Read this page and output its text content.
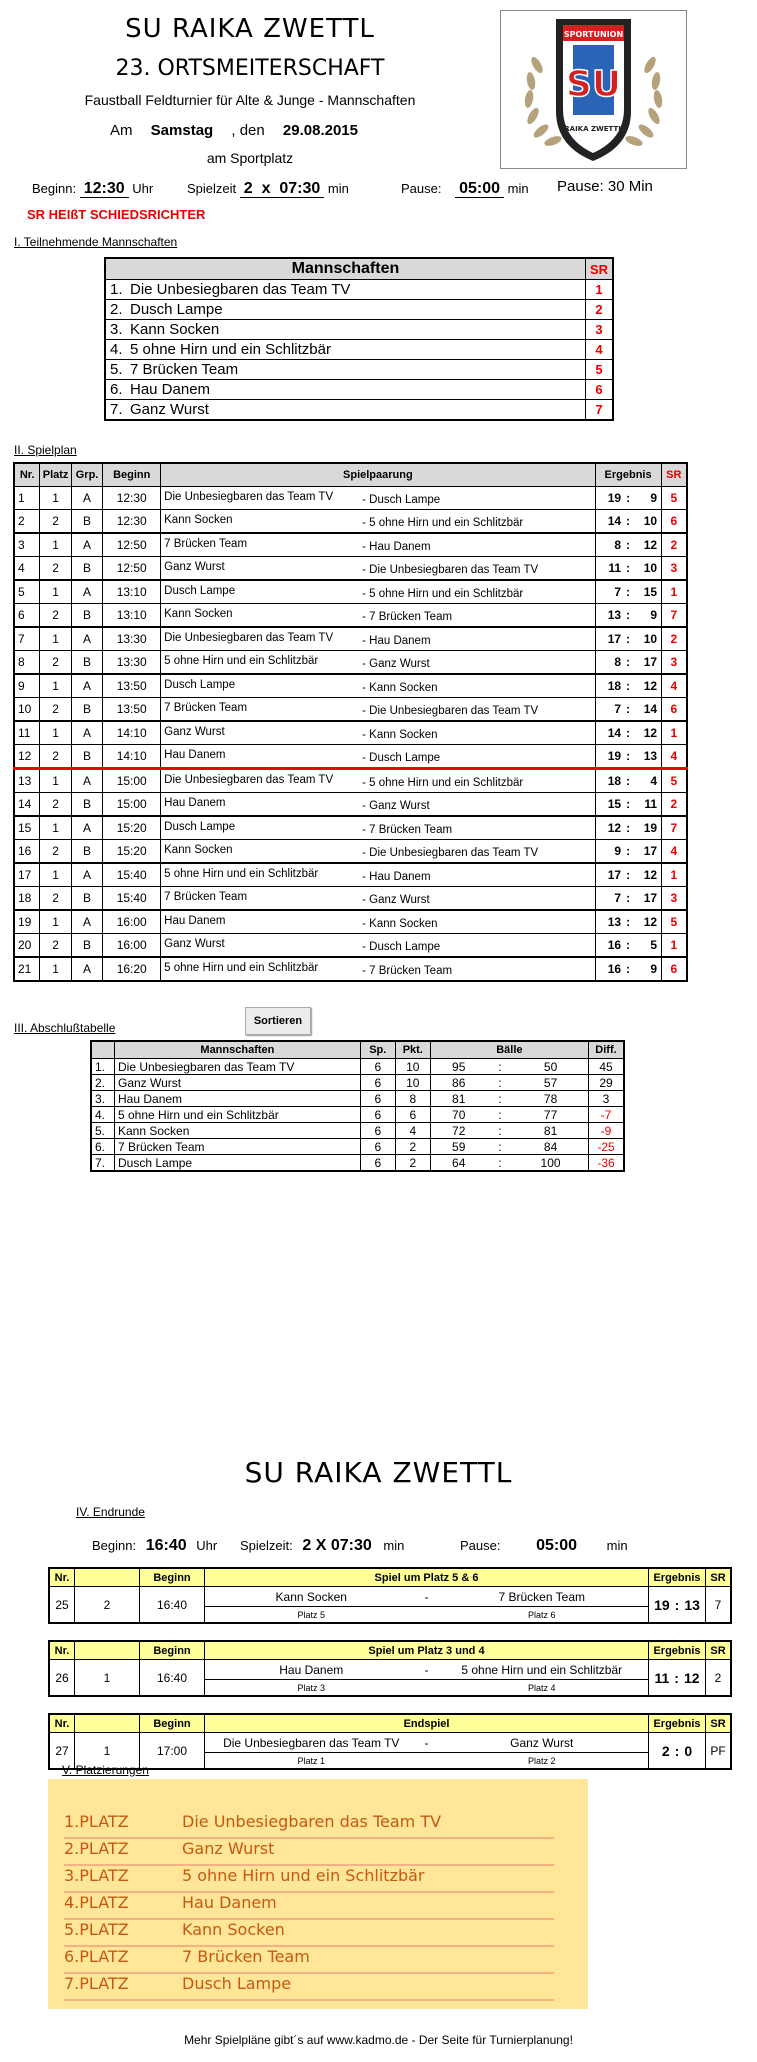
SU RAIKA ZWETTL
23. ORTSMEITERSCHAFT
Faustball Feldturnier für Alte & Junge - Mannschaften
Am Samstag , den 29.08.2015
am Sportplatz
SPORTUNION
SU
RAIKA ZWETTL
Beginn: 12:30 Uhr	Spielzeit 2 x 07:30 min	Pause: 05:00 min Pause: 30 Min
SR HEIßT SCHIEDSRICHTER
I. Teilnehmende Mannschaften
Mannschaften	SR
1. Die Unbesiegbaren das Team TV	1
2. Dusch Lampe	2
3. Kann Socken	3
4. 5 ohne Hirn und ein Schlitzbär	4
5. 7 Brücken Team	5
6. Hau Danem	6
7. Ganz Wurst	7
II. Spielplan
Nr.	Platz	Grp.	Beginn	Spielpaarung	Ergebnis	SR
1	1	A	12:30	Die Unbesiegbaren das Team TV - Dusch Lampe	19 : 9	5
2	2	B	12:30	Kann Socken - 5 ohne Hirn und ein Schlitzbär	14 : 10	6
3	1	A	12:50	7 Brücken Team - Hau Danem	8 : 12	2
4	2	B	12:50	Ganz Wurst - Die Unbesiegbaren das Team TV	11 : 10	3
5	1	A	13:10	Dusch Lampe - 5 ohne Hirn und ein Schlitzbär	7 : 15	1
6	2	B	13:10	Kann Socken - 7 Brücken Team	13 : 9	7
7	1	A	13:30	Die Unbesiegbaren das Team TV - Hau Danem	17 : 10	2
8	2	B	13:30	5 ohne Hirn und ein Schlitzbär - Ganz Wurst	8 : 17	3
9	1	A	13:50	Dusch Lampe - Kann Socken	18 : 12	4
10	2	B	13:50	7 Brücken Team - Die Unbesiegbaren das Team TV	7 : 14	6
11	1	A	14:10	Ganz Wurst - Kann Socken	14 : 12	1
12	2	B	14:10	Hau Danem - Dusch Lampe	19 : 13	4
13	1	A	15:00	Die Unbesiegbaren das Team TV - 5 ohne Hirn und ein Schlitzbär	18 : 4	5
14	2	B	15:00	Hau Danem - Ganz Wurst	15 : 11	2
15	1	A	15:20	Dusch Lampe - 7 Brücken Team	12 : 19	7
16	2	B	15:20	Kann Socken - Die Unbesiegbaren das Team TV	9 : 17	4
17	1	A	15:40	5 ohne Hirn und ein Schlitzbär - Hau Danem	17 : 12	1
18	2	B	15:40	7 Brücken Team - Ganz Wurst	7 : 17	3
19	1	A	16:00	Hau Danem - Kann Socken	13 : 12	5
20	2	B	16:00	Ganz Wurst - Dusch Lampe	16 : 5	1
21	1	A	16:20	5 ohne Hirn und ein Schlitzbär - 7 Brücken Team	16 : 9	6
III. Abschlußtabelle	Sortieren
	Mannschaften	Sp.	Pkt.	Bälle			Diff.
1.	Die Unbesiegbaren das Team TV	6	10	95	:	50	45
2.	Ganz Wurst	6	10	86	:	57	29
3.	Hau Danem	6	8	81	:	78	3
4.	5 ohne Hirn und ein Schlitzbär	6	6	70	:	77	-7
5.	Kann Socken	6	4	72	:	81	-9
6.	7 Brücken Team	6	2	59	:	84	-25
7.	Dusch Lampe	6	2	64	:	100	-36
SU RAIKA ZWETTL
IV. Endrunde
Beginn: 16:40 Uhr Spielzeit: 2 X 07:30 min	Pause: 05:00 min
Nr.		Beginn	Spiel um Platz 5 & 6	Ergebnis	SR
25	2	16:40	Kann Socken - 7 Brücken Team	19 : 13	7

			Platz 5 Platz 6		
Nr.		Beginn	Spiel um Platz 3 und 4	Ergebnis	SR
26	1	16:40	Hau Danem - 5 ohne Hirn und ein Schlitzbär	11 : 12	2

			Platz 3 Platz 4		
Nr.		Beginn	Endspiel	Ergebnis	SR
27	1	17:00	Die Unbesiegbaren das Team TV - Ganz Wurst	2 : 0	PF

			Platz 1 Platz 2		
V. Platzierungen
1.PLATZ	Die Unbesiegbaren das Team TV
2.PLATZ	Ganz Wurst
3.PLATZ	5 ohne Hirn und ein Schlitzbär
4.PLATZ	Hau Danem
5.PLATZ	Kann Socken
6.PLATZ	7 Brücken Team
7.PLATZ	Dusch Lampe
Mehr Spielpläne gibt´s auf www.kadmo.de - Der Seite für Turnierplanung!
